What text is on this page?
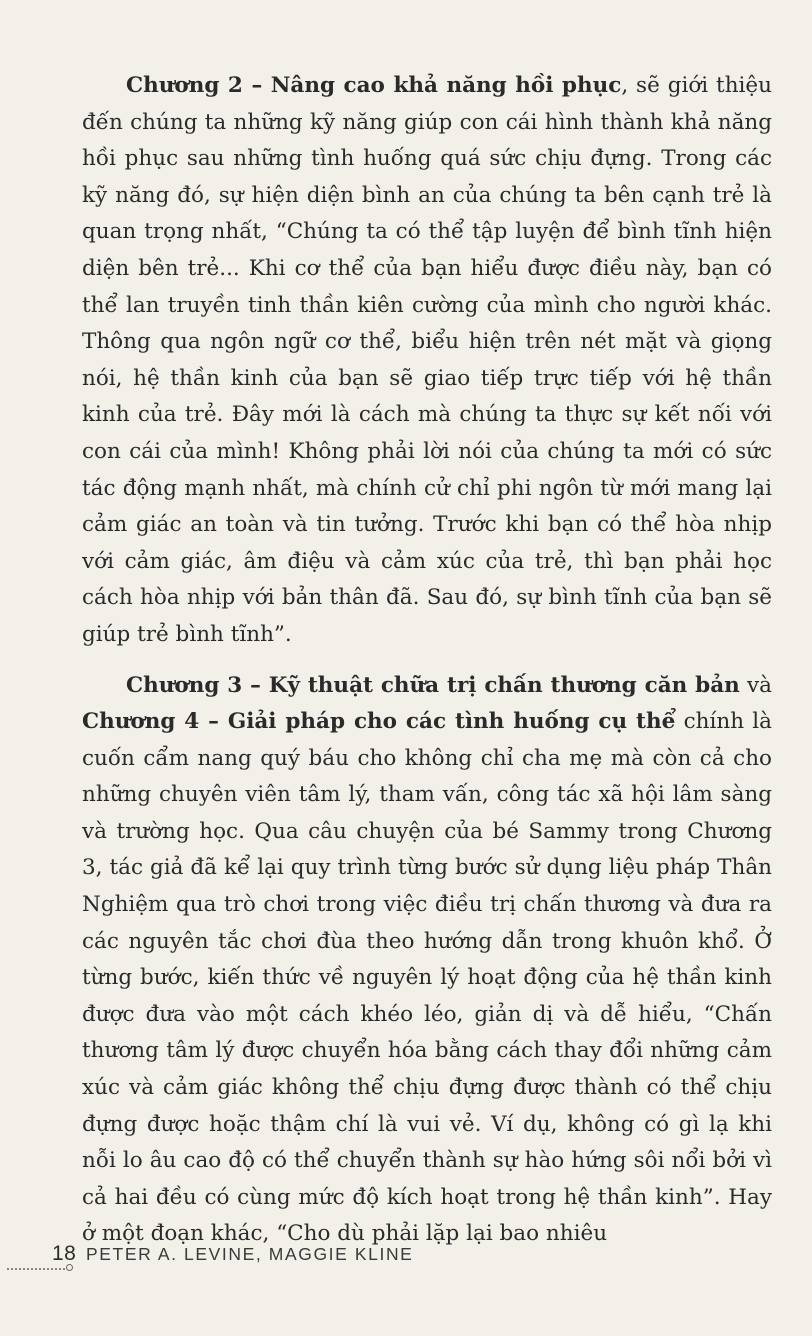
Chương 2 – Nâng cao khả năng hồi phục, sẽ giới thiệu đến chúng ta những kỹ năng giúp con cái hình thành khả năng hồi phục sau những tình huống quá sức chịu đựng. Trong các kỹ năng đó, sự hiện diện bình an của chúng ta bên cạnh trẻ là quan trọng nhất, “Chúng ta có thể tập luyện để bình tĩnh hiện diện bên trẻ... Khi cơ thể của bạn hiểu được điều này, bạn có thể lan truyền tinh thần kiên cường của mình cho người khác. Thông qua ngôn ngữ cơ thể, biểu hiện trên nét mặt và giọng nói, hệ thần kinh của bạn sẽ giao tiếp trực tiếp với hệ thần kinh của trẻ. Đây mới là cách mà chúng ta thực sự kết nối với con cái của mình! Không phải lời nói của chúng ta mới có sức tác động mạnh nhất, mà chính cử chỉ phi ngôn từ mới mang lại cảm giác an toàn và tin tưởng. Trước khi bạn có thể hòa nhịp với cảm giác, âm điệu và cảm xúc của trẻ, thì bạn phải học cách hòa nhịp với bản thân đã. Sau đó, sự bình tĩnh của bạn sẽ giúp trẻ bình tĩnh”.

Chương 3 – Kỹ thuật chữa trị chấn thương căn bản và Chương 4 – Giải pháp cho các tình huống cụ thể chính là cuốn cẩm nang quý báu cho không chỉ cha mẹ mà còn cả cho những chuyên viên tâm lý, tham vấn, công tác xã hội lâm sàng và trường học. Qua câu chuyện của bé Sammy trong Chương 3, tác giả đã kể lại quy trình từng bước sử dụng liệu pháp Thân Nghiệm qua trò chơi trong việc điều trị chấn thương và đưa ra các nguyên tắc chơi đùa theo hướng dẫn trong khuôn khổ. Ở từng bước, kiến thức về nguyên lý hoạt động của hệ thần kinh được đưa vào một cách khéo léo, giản dị và dễ hiểu, “Chấn thương tâm lý được chuyển hóa bằng cách thay đổi những cảm xúc và cảm giác không thể chịu đựng được thành có thể chịu đựng được hoặc thậm chí là vui vẻ. Ví dụ, không có gì lạ khi nỗi lo âu cao độ có thể chuyển thành sự hào hứng sôi nổi bởi vì cả hai đều có cùng mức độ kích hoạt trong hệ thần kinh”. Hay ở một đoạn khác, “Cho dù phải lặp lại bao nhiêu

18 PETER A. LEVINE, MAGGIE KLINE
